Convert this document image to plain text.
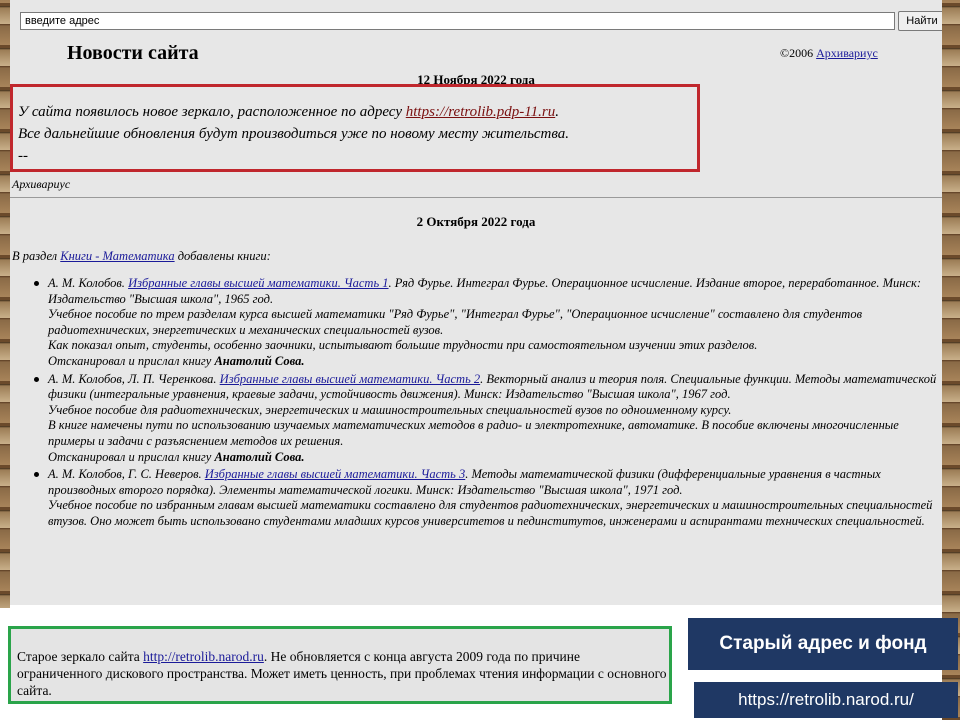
введите адрес	Найти
Новости сайта	©2006 Архивариус
12 Ноября 2022 года
У сайта появилось новое зеркало, расположенное по адресу https://retrolib.pdp-11.ru.
Все дальнейшие обновления будут производиться уже по новому месту жительства.
--
Архивариус
2 Октября 2022 года
В раздел Книги - Математика добавлены книги:

А. М. Колобов. Избранные главы высшей математики. Часть 1. Ряд Фурье. Интеграл Фурье. Операционное исчисление. Издание второе, переработанное. Минск: Издательство "Высшая школа", 1965 год.

Учебное пособие по трем разделам курса высшей математики "Ряд Фурье", "Интеграл Фурье", "Операционное исчисление" составлено для студентов радиотехнических, энергетических и механических специальностей вузов.

Как показал опыт, студенты, особенно заочники, испытывают большие трудности при самостоятельном изучении этих разделов.

Отсканировал и прислал книгу Анатолий Сова.

А. М. Колобов, Л. П. Черенкова. Избранные главы высшей математики. Часть 2. Векторный анализ и теория поля. Специальные функции. Методы математической физики (интегральные уравнения, краевые задачи, устойчивость движения). Минск: Издательство "Высшая школа", 1967 год.

Учебное пособие для радиотехнических, энергетических и машиностроительных специальностей вузов по одноименному курсу.

В книге намечены пути по использованию изучаемых математических методов в радио- и электротехнике, автоматике. В пособие включены многочисленные примеры и задачи с разъяснением методов их решения.

Отсканировал и прислал книгу Анатолий Сова.

А. М. Колобов, Г. С. Неверов. Избранные главы высшей математики. Часть 3. Методы математической физики (дифференциальные уравнения в частных производных второго порядка). Элементы математической логики. Минск: Издательство "Высшая школа", 1971 год.

Учебное пособие по избранным главам высшей математики составлено для студентов радиотехнических, энергетических и машиностроительных специальностей втузов. Оно может быть использовано студентами младших курсов университетов и пединститутов, инженерами и аспирантами технических специальностей.

Старое зеркало сайта http://retrolib.narod.ru. Не обновляется с конца августа 2009 года по причине ограниченного дискового пространства. Может иметь ценность, при проблемах чтения информации с основного сайта.
Старый адрес и фонд
https://retrolib.narod.ru/
